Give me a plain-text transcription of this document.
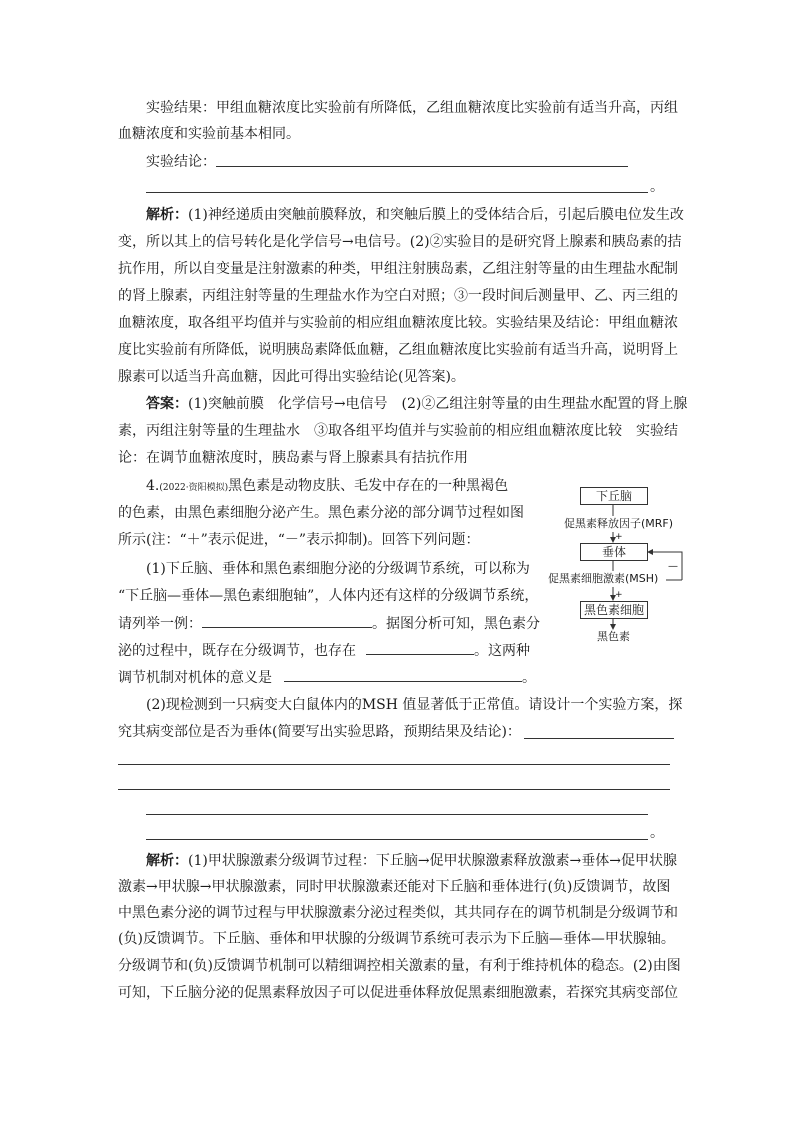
实验结果：甲组血糖浓度比实验前有所降低，乙组血糖浓度比实验前有适当升高，丙组
血糖浓度和实验前基本相同。
实验结论：
。
解析：(1)神经递质由突触前膜释放，和突触后膜上的受体结合后，引起后膜电位发生改
变，所以其上的信号转化是化学信号→电信号。(2)②实验目的是研究肾上腺素和胰岛素的拮
抗作用，所以自变量是注射激素的种类，甲组注射胰岛素，乙组注射等量的由生理盐水配制
的肾上腺素，丙组注射等量的生理盐水作为空白对照；③一段时间后测量甲、乙、丙三组的
血糖浓度，取各组平均值并与实验前的相应组血糖浓度比较。实验结果及结论：甲组血糖浓
度比实验前有所降低，说明胰岛素降低血糖，乙组血糖浓度比实验前有适当升高，说明肾上
腺素可以适当升高血糖，因此可得出实验结论(见答案)。
答案：(1)突触前膜　化学信号→电信号　(2)②乙组注射等量的由生理盐水配置的肾上腺
素，丙组注射等量的生理盐水　③取各组平均值并与实验前的相应组血糖浓度比较　实验结
论：在调节血糖浓度时，胰岛素与肾上腺素具有拮抗作用
4.(2022·资阳模拟)黑色素是动物皮肤、毛发中存在的一种黑褐色
的色素，由黑色素细胞分泌产生。黑色素分泌的部分调节过程如图
所示(注：“＋”表示促进，“－”表示抑制)。回答下列问题：
(1)下丘脑、垂体和黑色素细胞分泌的分级调节系统，可以称为
“下丘脑—垂体—黑色素细胞轴”，人体内还有这样的分级调节系统，
请列举一例：	。据图分析可知，黑色素分
泌的过程中，既存在分级调节，也存在	。这两种
调节机制对机体的意义是	。
(2)现检测到一只病变大白鼠体内的MSH 值显著低于正常值。请设计一个实验方案，探
究其病变部位是否为垂体(简要写出实验思路，预期结果及结论)：
。
下丘脑
促黑素释放因子(MRF)
垂体
促黑素细胞激素(MSH)
黑色素细胞
黑色素
+
+
—
解析：(1)甲状腺激素分级调节过程：下丘脑→促甲状腺激素释放激素→垂体→促甲状腺
激素→甲状腺→甲状腺激素，同时甲状腺激素还能对下丘脑和垂体进行(负)反馈调节，故图
中黑色素分泌的调节过程与甲状腺激素分泌过程类似，其共同存在的调节机制是分级调节和
(负)反馈调节。下丘脑、垂体和甲状腺的分级调节系统可表示为下丘脑—垂体—甲状腺轴。
分级调节和(负)反馈调节机制可以精细调控相关激素的量，有利于维持机体的稳态。(2)由图
可知，下丘脑分泌的促黑素释放因子可以促进垂体释放促黑素细胞激素，若探究其病变部位
